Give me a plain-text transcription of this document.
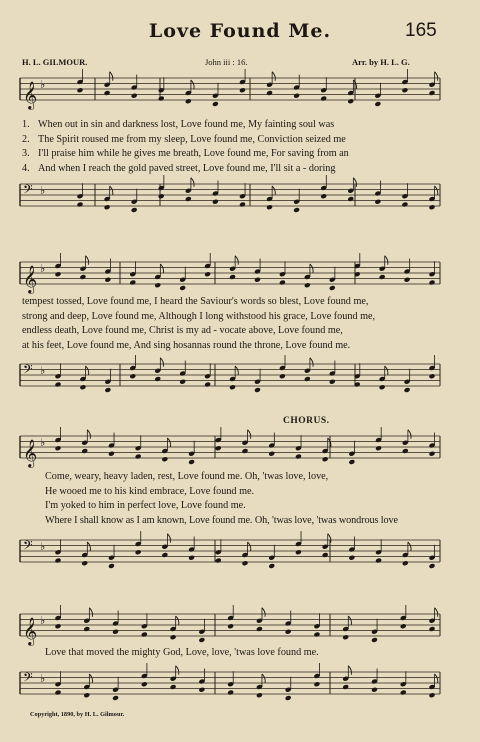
Love Found Me.	165
H. L. GILMOUR.	John iii : 16.	Arr. by H. L. G.
𝄞 ♭
1. When out in sin and darkness lost, Love found me, My fainting soul was
2. The Spirit roused me from my sleep, Love found me, Conviction seized me
3. I'll praise him while he gives me breath, Love found me, For saving from an
4. And when I reach the gold paved street, Love found me, I'll sit a - doring
𝄢 ♭
𝄞 ♭
tempest tossed, Love found me, I heard the Saviour's words so blest, Love found me,
strong and deep, Love found me, Although I long withstood his grace, Love found me,
endless death, Love found me, Christ is my ad - vocate above, Love found me,
at his feet, Love found me, And sing hosannas round the throne, Love found me.
𝄢 ♭
CHORUS.
𝄞 ♭
Come, weary, heavy laden, rest, Love found me. Oh, 'twas love, love,
He wooed me to his kind embrace, Love found me.
I'm yoked to him in perfect love, Love found me.
Where I shall know as I am known, Love found me. Oh, 'twas love, 'twas wondrous love
𝄢 ♭
𝄞 ♭
Love that moved the mighty God, Love, love, 'twas love found me.
𝄢 ♭
Copyright, 1890, by H. L. Gilmour.
